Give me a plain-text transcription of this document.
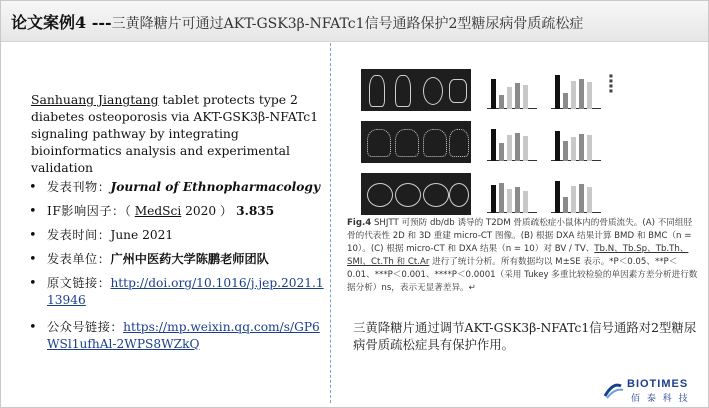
论文案例4 ---三黄降糖片可通过AKT-GSK3β-NFATc1信号通路保护2型糖尿病骨质疏松症
Sanhuang Jiangtang tablet protects type 2 diabetes osteoporosis via AKT-GSK3β-NFATc1 signaling pathway by integrating bioinformatics analysis and experimental validation
• 发表刊物：Journal of Ethnopharmacology
• IF影响因子：（ MedSci 2020 ） 3.835
• 发表时间：June 2021
• 发表单位：广州中医药大学陈鹏老师团队
• 原文链接：http://doi.org/10.1016/j.jep.2021.113946
• 公众号链接：https://mp.weixin.qq.com/s/GP6WSl1ufhAl-2WPS8WZkQ
■
■
■
■
Fig.4 SHJTT 可预防 db/db 诱导的 T2DM 骨质疏松症小鼠体内的骨质流失。(A) 不同组胫骨的代表性 2D 和 3D 重建 micro-CT 图像。(B) 根据 DXA 结果计算 BMD 和 BMC（n = 10）。(C) 根据 micro-CT 和 DXA 结果（n = 10）对 BV / TV、Tb.N、Tb.Sp、Tb.Th、SMI、Ct.Th 和 Ct.Ar 进行了统计分析。所有数据均以 M±SE 表示。*P＜0.05、**P＜0.01、***P＜0.001、****P＜0.0001（采用 Tukey 多重比较检验的单因素方差分析进行数据分析）ns，表示无显著差异。↵
三黄降糖片通过调节AKT-GSK3β-NFATc1信号通路对2型糖尿病骨质疏松症具有保护作用。
BIOTIMES
佰 泰 科 技
